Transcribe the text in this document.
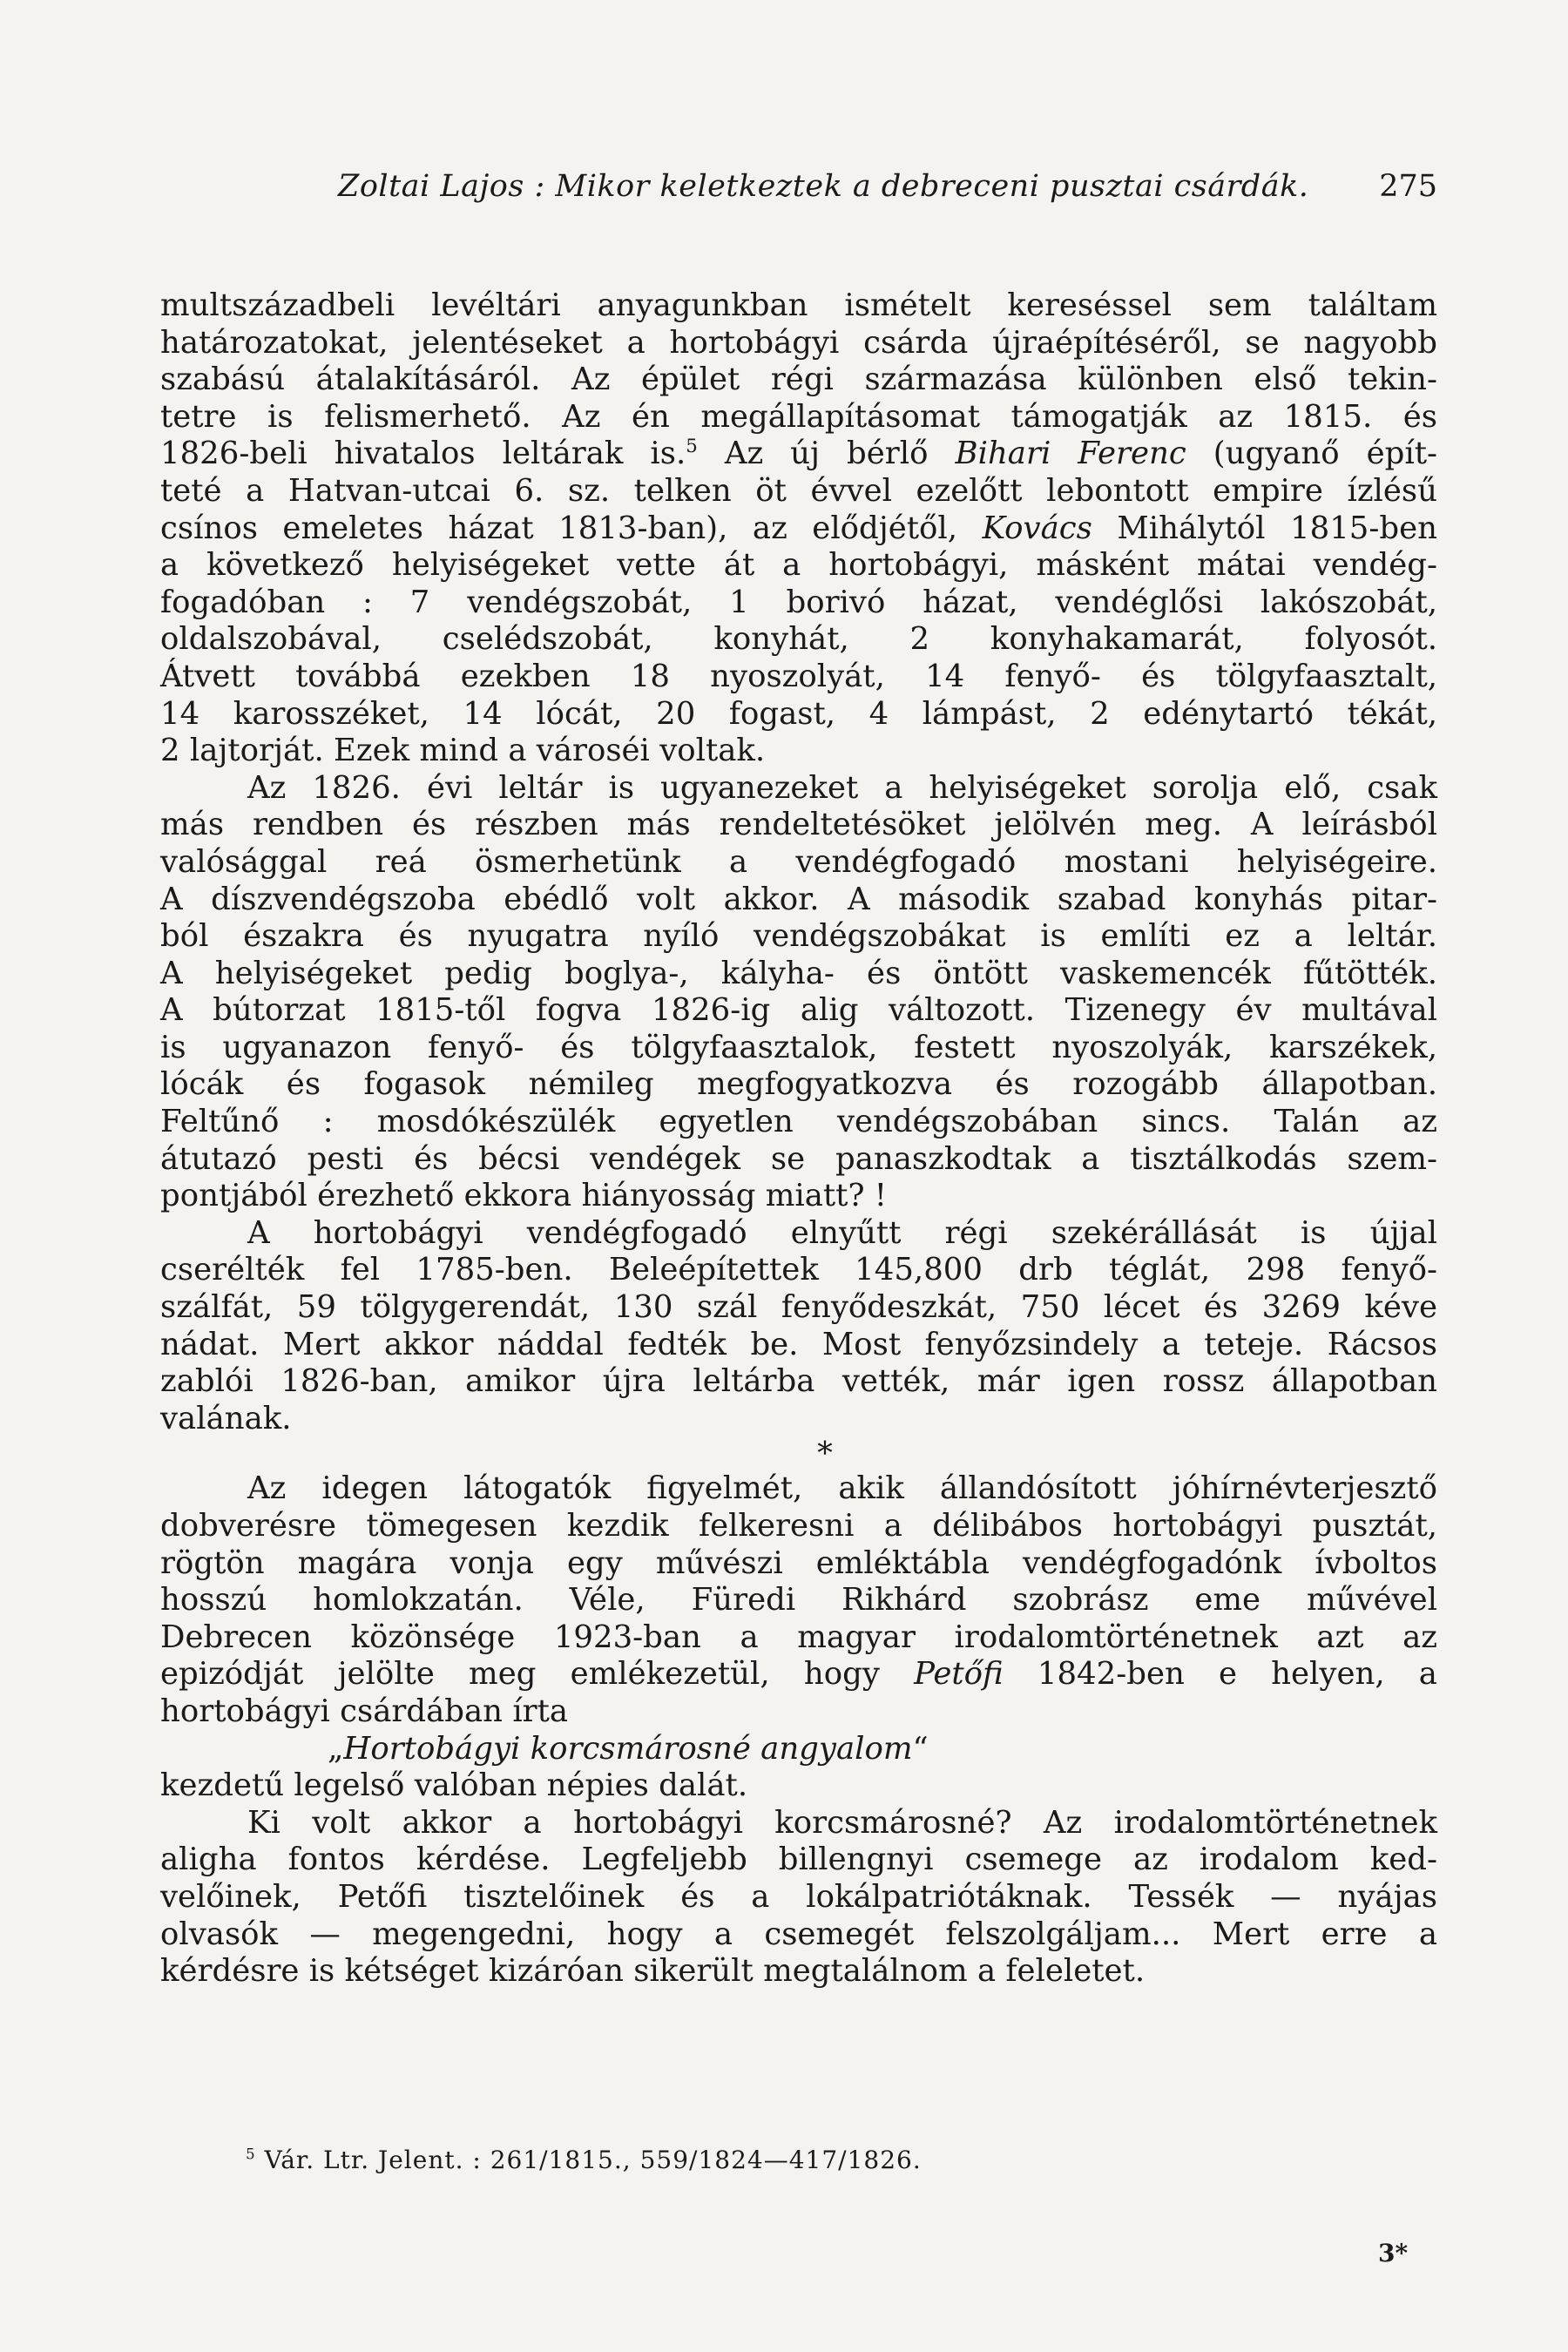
Zoltai Lajos : Mikor keletkeztek a debreceni pusztai csárdák. 275
multszázadbeli levéltári anyagunkban ismételt kereséssel sem találtam
határozatokat, jelentéseket a hortobágyi csárda újraépítéséről, se nagyobb
szabású átalakításáról. Az épület régi származása különben első tekin-
tetre is felismerhető. Az én megállapításomat támogatják az 1815. és
1826-beli hivatalos leltárak is.$^5$ Az új bérlő Bihari Ferenc (ugyanő épít-
teté a Hatvan-utcai 6. sz. telken öt évvel ezelőtt lebontott empire ízlésű
csínos emeletes házat 1813-ban), az elődjétől, Kovács Mihálytól 1815-ben
a következő helyiségeket vette át a hortobágyi, másként mátai vendég-
fogadóban : 7 vendégszobát, 1 borivó házat, vendéglősi lakószobát,
oldalszobával, cselédszobát, konyhát, 2 konyhakamarát, folyosót.
Átvett továbbá ezekben 18 nyoszolyát, 14 fenyő- és tölgyfaasztalt,
14 karosszéket, 14 lócát, 20 fogast, 4 lámpást, 2 edénytartó tékát,
2 lajtorját. Ezek mind a városéi voltak.
Az 1826. évi leltár is ugyanezeket a helyiségeket sorolja elő, csak
más rendben és részben más rendeltetésöket jelölvén meg. A leírásból
valósággal reá ösmerhetünk a vendégfogadó mostani helyiségeire.
A díszvendégszoba ebédlő volt akkor. A második szabad konyhás pitar-
ból északra és nyugatra nyíló vendégszobákat is említi ez a leltár.
A helyiségeket pedig boglya-, kályha- és öntött vaskemencék fűtötték.
A bútorzat 1815-től fogva 1826-ig alig változott. Tizenegy év multával
is ugyanazon fenyő- és tölgyfaasztalok, festett nyoszolyák, karszékek,
lócák és fogasok némileg megfogyatkozva és rozogább állapotban.
Feltűnő : mosdókészülék egyetlen vendégszobában sincs. Talán az
átutazó pesti és bécsi vendégek se panaszkodtak a tisztálkodás szem-
pontjából érezhető ekkora hiányosság miatt? !
A hortobágyi vendégfogadó elnyűtt régi szekérállását is újjal
cserélték fel 1785-ben. Beleépítettek 145,800 drb téglát, 298 fenyő-
szálfát, 59 tölgygerendát, 130 szál fenyődeszkát, 750 lécet és 3269 kéve
nádat. Mert akkor náddal fedték be. Most fenyőzsindely a teteje. Rácsos
zablói 1826-ban, amikor újra leltárba vették, már igen rossz állapotban
valának.
*
Az idegen látogatók figyelmét, akik állandósított jóhírnévterjesztő
dobverésre tömegesen kezdik felkeresni a délibábos hortobágyi pusztát,
rögtön magára vonja egy művészi emléktábla vendégfogadónk ívboltos
hosszú homlokzatán. Véle, Füredi Rikhárd szobrász eme művével
Debrecen közönsége 1923-ban a magyar irodalomtörténetnek azt az
epizódját jelölte meg emlékezetül, hogy Petőfi 1842-ben e helyen, a
hortobágyi csárdában írta
„Hortobágyi korcsmárosné angyalom“
kezdetű legelső valóban népies dalát.
Ki volt akkor a hortobágyi korcsmárosné? Az irodalomtörténetnek
aligha fontos kérdése. Legfeljebb billengnyi csemege az irodalom ked-
velőinek, Petőfi tisztelőinek és a lokálpatriótáknak. Tessék — nyájas
olvasók — megengedni, hogy a csemegét felszolgáljam... Mert erre a
kérdésre is kétséget kizáróan sikerült megtalálnom a feleletet.
$^5$ Vár. Ltr. Jelent. : 261/1815., 559/1824—417/1826.
3*
